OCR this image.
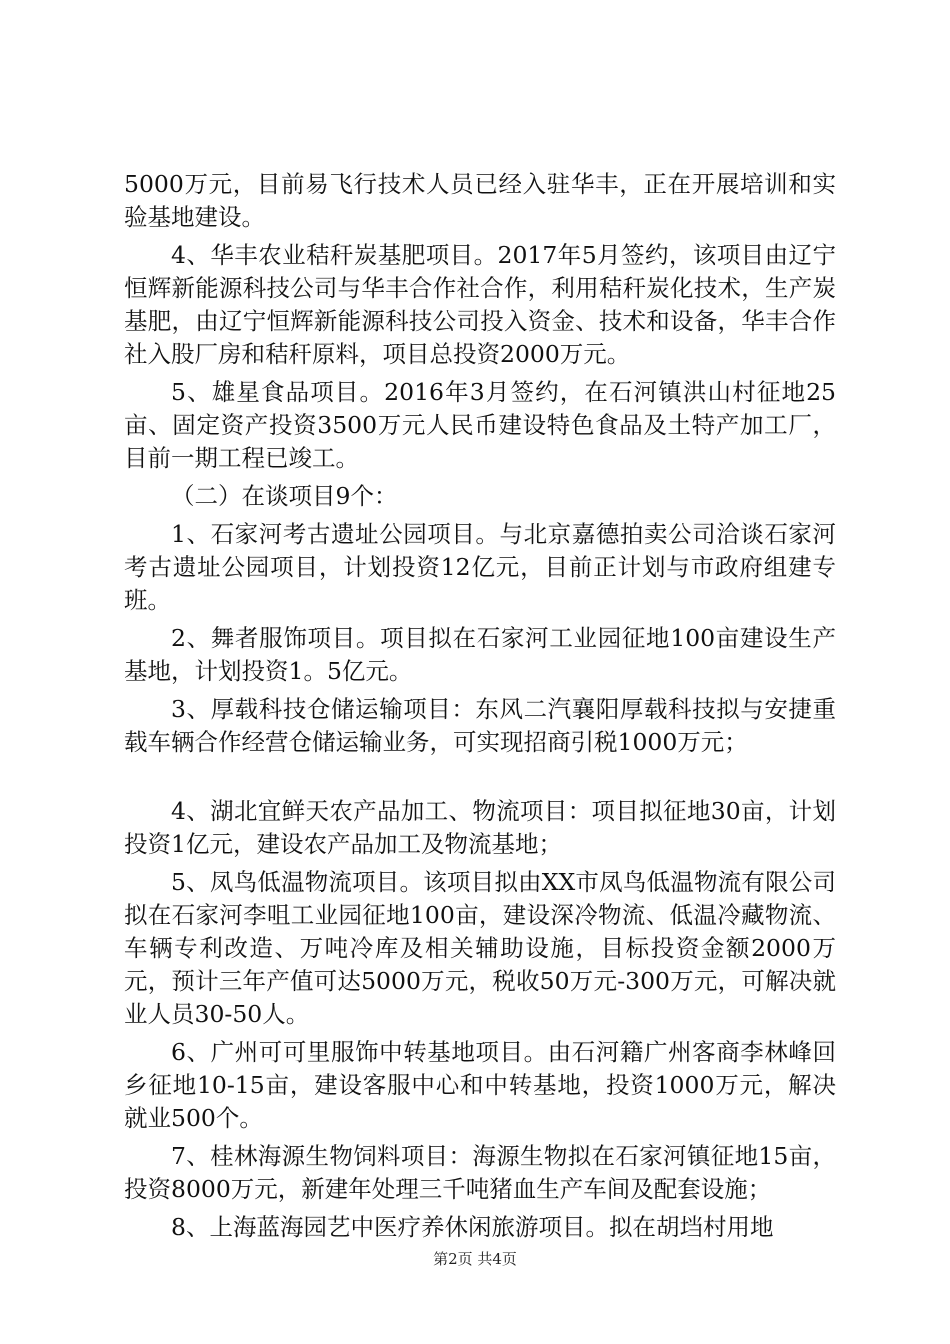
5000万元，目前易飞行技术人员已经入驻华丰，正在开展培训和实验基地建设。

4、华丰农业秸秆炭基肥项目。2017年5月签约，该项目由辽宁恒辉新能源科技公司与华丰合作社合作，利用秸秆炭化技术，生产炭基肥，由辽宁恒辉新能源科技公司投入资金、技术和设备，华丰合作社入股厂房和秸秆原料，项目总投资2000万元。

5、雄星食品项目。2016年3月签约，在石河镇洪山村征地25亩、固定资产投资3500万元人民币建设特色食品及土特产加工厂，目前一期工程已竣工。

（二）在谈项目9个：

1、石家河考古遗址公园项目。与北京嘉德拍卖公司洽谈石家河考古遗址公园项目，计划投资12亿元，目前正计划与市政府组建专班。

2、舞者服饰项目。项目拟在石家河工业园征地100亩建设生产基地，计划投资1。5亿元。

3、厚载科技仓储运输项目：东风二汽襄阳厚载科技拟与安捷重载车辆合作经营仓储运输业务，可实现招商引税1000万元；

4、湖北宜鲜天农产品加工、物流项目：项目拟征地30亩，计划投资1亿元，建设农产品加工及物流基地；

5、凤鸟低温物流项目。该项目拟由XX市凤鸟低温物流有限公司拟在石家河李咀工业园征地100亩，建设深冷物流、低温冷藏物流、车辆专利改造、万吨冷库及相关辅助设施，目标投资金额2000万元，预计三年产值可达5000万元，税收50万元-300万元，可解决就业人员30-50人。

6、广州可可里服饰中转基地项目。由石河籍广州客商李林峰回乡征地10-15亩，建设客服中心和中转基地，投资1000万元，解决就业500个。

7、桂林海源生物饲料项目：海源生物拟在石家河镇征地15亩，投资8000万元，新建年处理三千吨猪血生产车间及配套设施；

8、上海蓝海园艺中医疗养休闲旅游项目。拟在胡垱村用地

第2页 共4页
